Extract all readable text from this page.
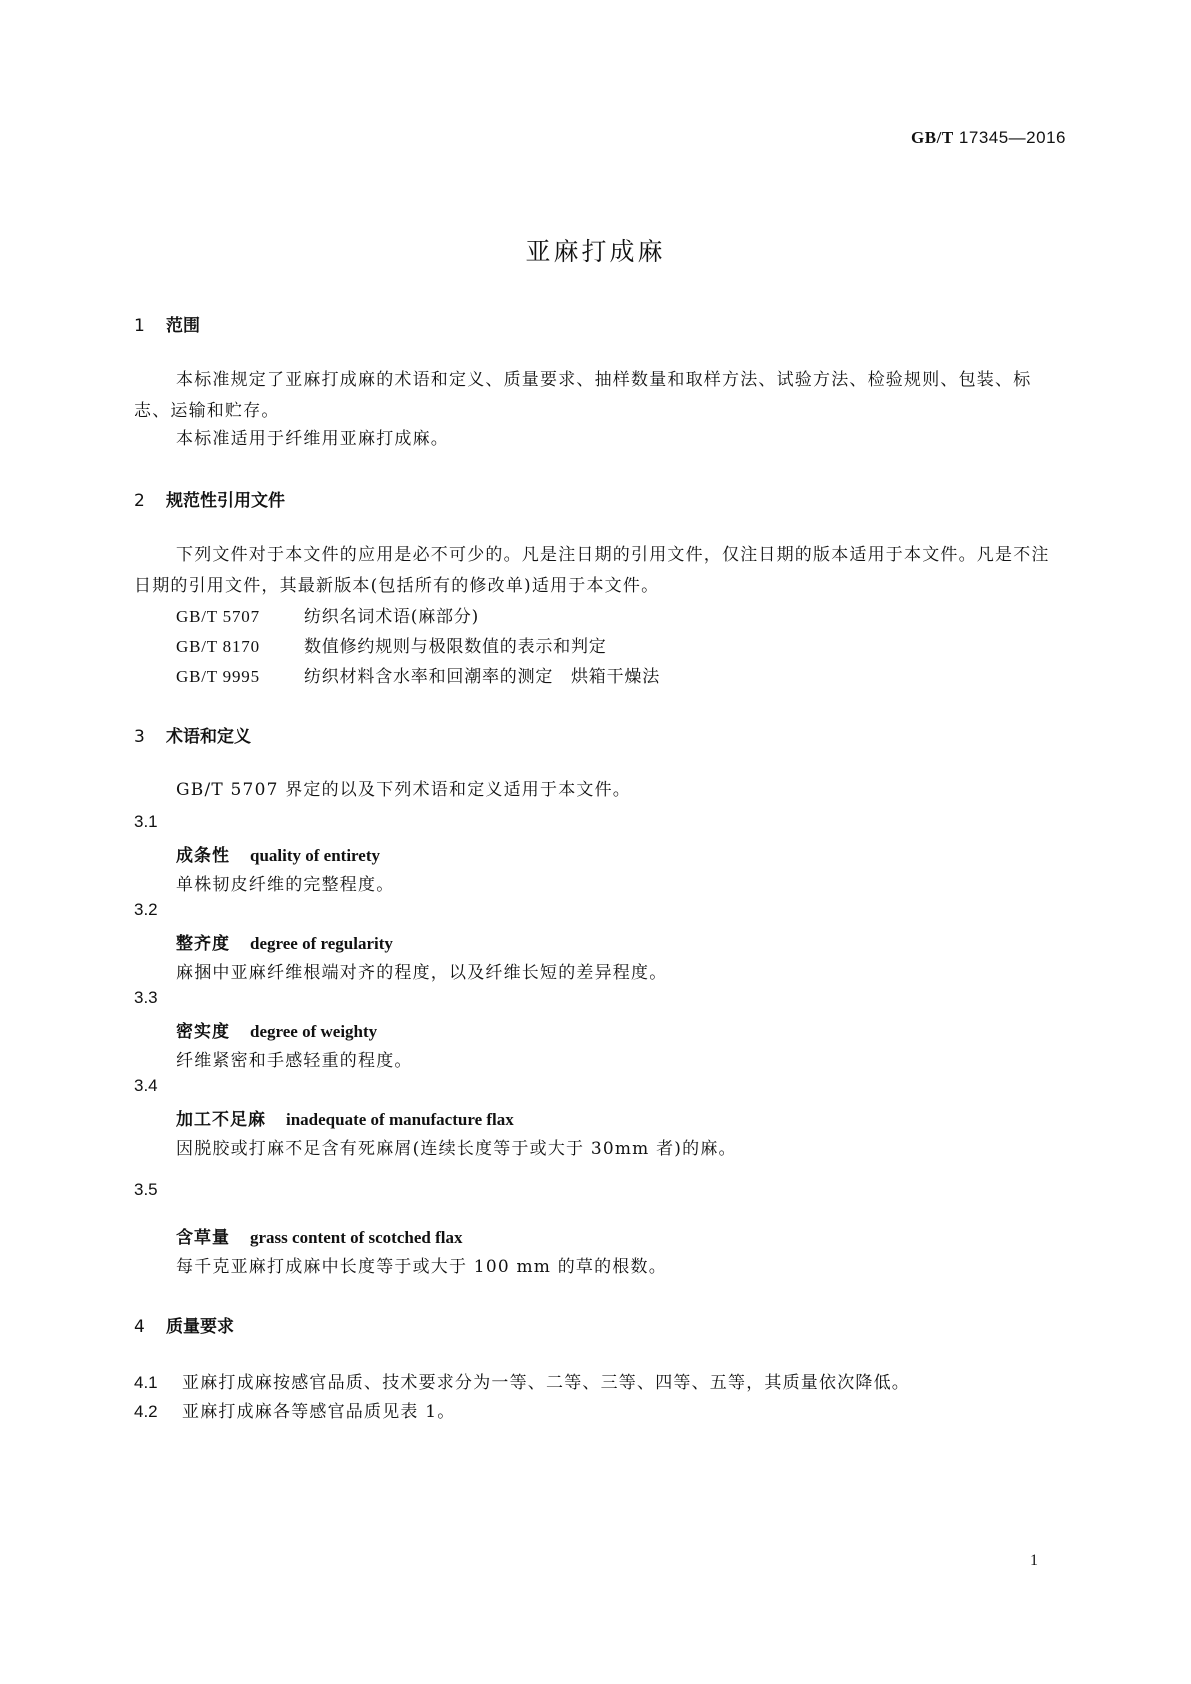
GB/T 17345—2016
亚麻打成麻
1 范围
本标准规定了亚麻打成麻的术语和定义、质量要求、抽样数量和取样方法、试验方法、检验规则、包装、标志、运输和贮存。
本标准适用于纤维用亚麻打成麻。
2 规范性引用文件
下列文件对于本文件的应用是必不可少的。凡是注日期的引用文件，仅注日期的版本适用于本文件。凡是不注日期的引用文件，其最新版本(包括所有的修改单)适用于本文件。
GB/T 5707	纺织名词术语(麻部分)
GB/T 8170	数值修约规则与极限数值的表示和判定
GB/T 9995	纺织材料含水率和回潮率的测定　烘箱干燥法
3 术语和定义
GB/T 5707 界定的以及下列术语和定义适用于本文件。
3.1
成条性 quality of entirety
单株韧皮纤维的完整程度。
3.2
整齐度 degree of regularity
麻捆中亚麻纤维根端对齐的程度，以及纤维长短的差异程度。
3.3
密实度 degree of weighty
纤维紧密和手感轻重的程度。
3.4
加工不足麻 inadequate of manufacture flax
因脱胶或打麻不足含有死麻屑(连续长度等于或大于 30mm 者)的麻。
3.5
含草量 grass content of scotched flax
每千克亚麻打成麻中长度等于或大于 100 mm 的草的根数。
4 质量要求
4.1 亚麻打成麻按感官品质、技术要求分为一等、二等、三等、四等、五等，其质量依次降低。
4.2 亚麻打成麻各等感官品质见表 1。
1
